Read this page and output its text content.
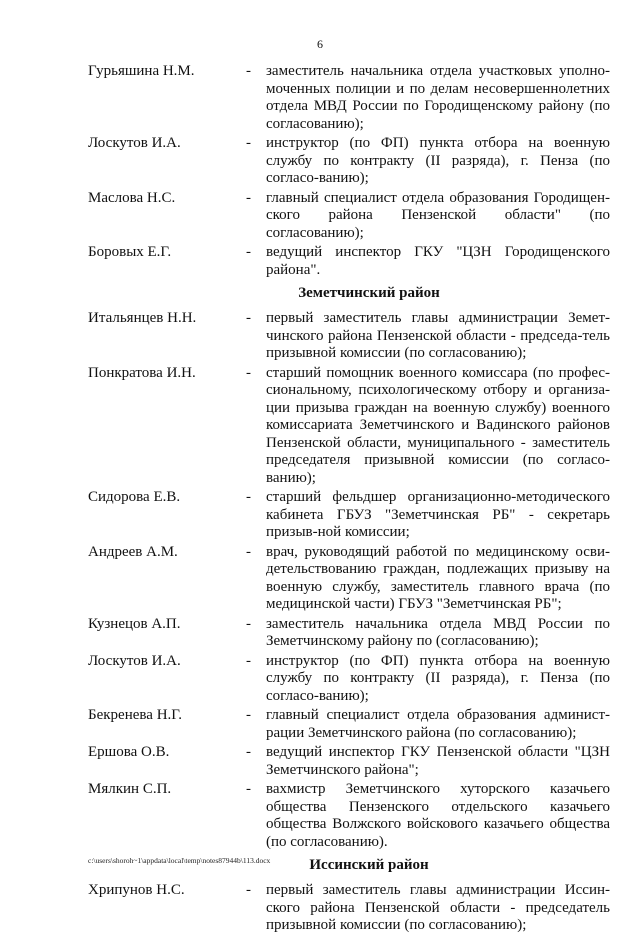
6
Гурьяшина Н.М.	-	заместитель начальника отдела участковых уполно-моченных полиции и по делам несовершеннолетних отдела МВД России по Городищенскому району (по согласованию);
Лоскутов И.А.	-	инструктор (по ФП) пункта отбора на военную службу по контракту (II разряда), г. Пенза (по согласо-ванию);
Маслова Н.С.	-	главный специалист отдела образования Городищен-ского района Пензенской области" (по согласованию);
Боровых Е.Г.	-	ведущий инспектор ГКУ "ЦЗН Городищенского района".
Земетчинский район
Итальянцев Н.Н.	-	первый заместитель главы администрации Земет-чинского района Пензенской области - председа-тель призывной комиссии (по согласованию);
Понкратова И.Н.	-	старший помощник военного комиссара (по профес-сиональному, психологическому отбору и организа-ции призыва граждан на военную службу) военного комиссариата Земетчинского и Вадинского районов Пензенской области, муниципального - заместитель председателя призывной комиссии (по согласо-ванию);
Сидорова Е.В.	-	старший фельдшер организационно-методического кабинета ГБУЗ "Земетчинская РБ" - секретарь призыв-ной комиссии;
Андреев А.М.	-	врач, руководящий работой по медицинскому осви-детельствованию граждан, подлежащих призыву на военную службу, заместитель главного врача (по медицинской части) ГБУЗ "Земетчинская РБ";
Кузнецов А.П.	-	заместитель начальника отдела МВД России по Земетчинскому району по (согласованию);
Лоскутов И.А.	-	инструктор (по ФП) пункта отбора на военную службу по контракту (II разряда), г. Пенза (по согласо-ванию);
Бекренева Н.Г.	-	главный специалист отдела образования админист-рации Земетчинского района (по согласованию);
Ершова О.В.	-	ведущий инспектор ГКУ Пензенской области "ЦЗН Земетчинского района";
Мялкин С.П.	-	вахмистр Земетчинского хуторского казачьего общества Пензенского отдельского казачьего общества Волжского войскового казачьего общества (по согласованию).
Иссинский район
Хрипунов Н.С.	-	первый заместитель главы администрации Иссин-ского района Пензенской области - председатель призывной комиссии (по согласованию);
c:\users\shoroh~1\appdata\local\temp\notes87944b\113.docx
